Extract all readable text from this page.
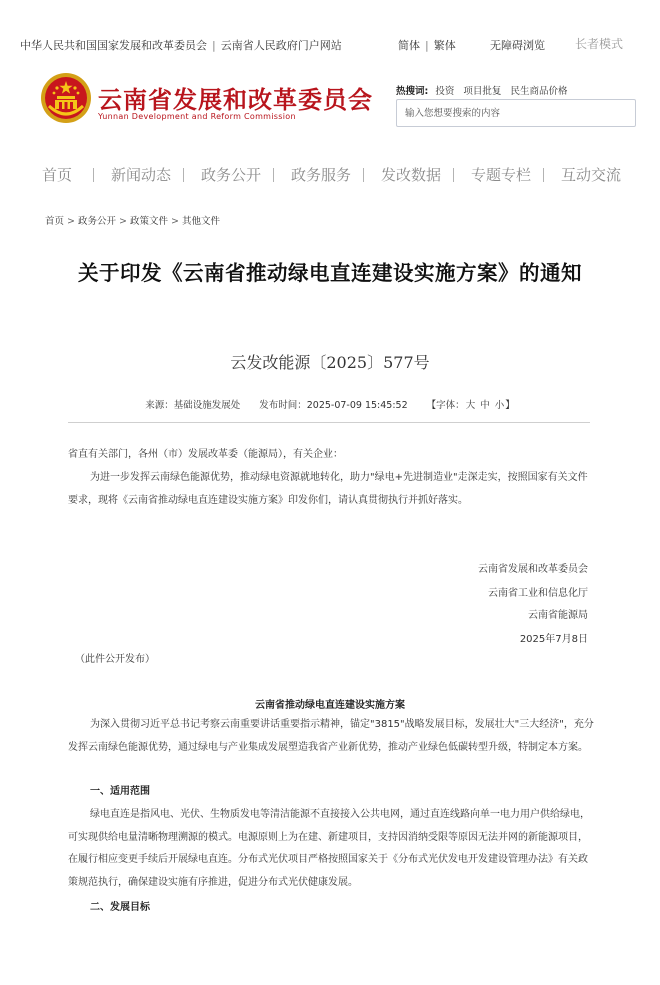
中华人民共和国国家发展和改革委员会 | 云南省人民政府门户网站	简体 | 繁体	无障碍浏览	长者模式
云南省发展和改革委员会
Yunnan Development and Reform Commission
热搜词: 投资 项目批复 民生商品价格
输入您想要搜索的内容
首页	新闻动态 政务公开 政务服务 发改数据 专题专栏 互动交流
首页 > 政务公开 > 政策文件 > 其他文件
关于印发《云南省推动绿电直连建设实施方案》的通知
云发改能源〔2025〕577号
来源：基础设施发展处 发布时间：2025-07-09 15:45:52 【字体：大 中 小】
省直有关部门，各州（市）发展改革委（能源局），有关企业：
为进一步发挥云南绿色能源优势，推动绿电资源就地转化，助力"绿电+先进制造业"走深走实，按照国家有关文件要求，现将《云南省推动绿电直连建设实施方案》印发你们，请认真贯彻执行并抓好落实。
云南省发展和改革委员会
云南省工业和信息化厅
云南省能源局
2025年7月8日
（此件公开发布）
云南省推动绿电直连建设实施方案
为深入贯彻习近平总书记考察云南重要讲话重要指示精神，锚定"3815"战略发展目标，发展壮大"三大经济"，充分发挥云南绿色能源优势，通过绿电与产业集成发展塑造我省产业新优势，推动产业绿色低碳转型升级，特制定本方案。
一、适用范围
绿电直连是指风电、光伏、生物质发电等清洁能源不直接接入公共电网，通过直连线路向单一电力用户供给绿电，可实现供给电量清晰物理溯源的模式。电源原则上为在建、新建项目，支持因消纳受限等原因无法并网的新能源项目，在履行相应变更手续后开展绿电直连。分布式光伏项目严格按照国家关于《分布式光伏发电开发建设管理办法》有关政策规范执行，确保建设实施有序推进，促进分布式光伏健康发展。
二、发展目标
